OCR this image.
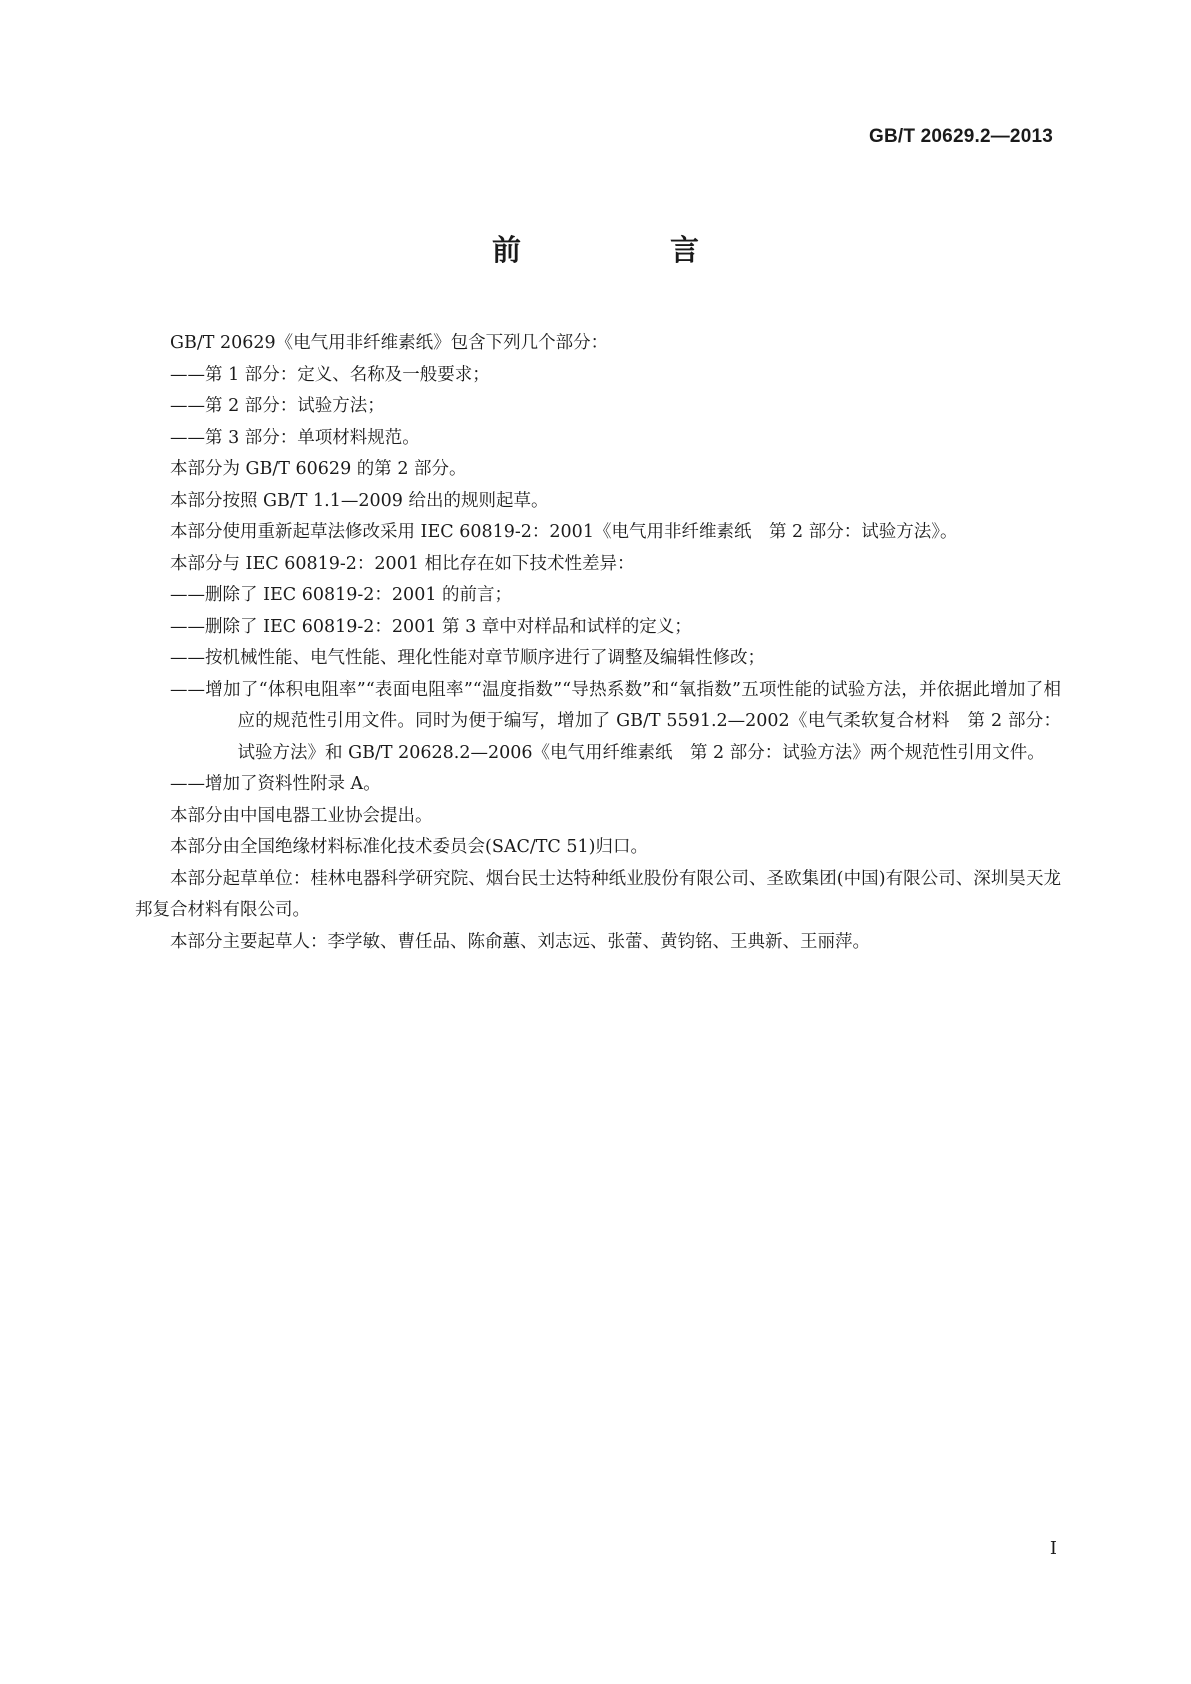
GB/T 20629.2—2013
前　言

GB/T 20629《电气用非纤维素纸》包含下列几个部分：

——第 1 部分：定义、名称及一般要求；

——第 2 部分：试验方法；

——第 3 部分：单项材料规范。

本部分为 GB/T 60629 的第 2 部分。

本部分按照 GB/T 1.1—2009 给出的规则起草。

本部分使用重新起草法修改采用 IEC 60819-2：2001《电气用非纤维素纸　第 2 部分：试验方法》。

本部分与 IEC 60819-2：2001 相比存在如下技术性差异：

——删除了 IEC 60819-2：2001 的前言；

——删除了 IEC 60819-2：2001 第 3 章中对样品和试样的定义；

——按机械性能、电气性能、理化性能对章节顺序进行了调整及编辑性修改；

——增加了“体积电阻率”“表面电阻率”“温度指数”“导热系数”和“氧指数”五项性能的试验方法，并依据此增加了相应的规范性引用文件。同时为便于编写，增加了 GB/T 5591.2—2002《电气柔软复合材料　第 2 部分：试验方法》和 GB/T 20628.2—2006《电气用纤维素纸　第 2 部分：试验方法》两个规范性引用文件。

——增加了资料性附录 A。

本部分由中国电器工业协会提出。

本部分由全国绝缘材料标准化技术委员会(SAC/TC 51)归口。

本部分起草单位：桂林电器科学研究院、烟台民士达特种纸业股份有限公司、圣欧集团(中国)有限公司、深圳昊天龙邦复合材料有限公司。

本部分主要起草人：李学敏、曹任品、陈俞蕙、刘志远、张蕾、黄钧铭、王典新、王丽萍。

I
